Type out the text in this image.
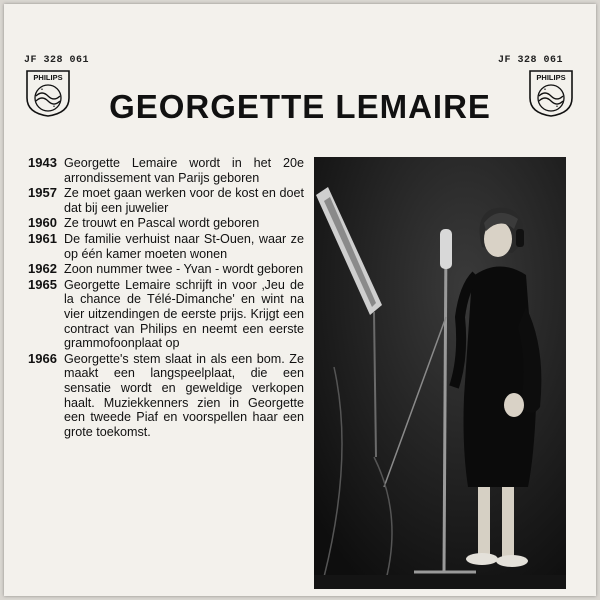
JF 328 061	JF 328 061
PHILIPS	PHILIPS
GEORGETTE LEMAIRE
1943 Georgette Lemaire wordt in het 20e arrondissement van Parijs geboren
1957 Ze moet gaan werken voor de kost en doet dat bij een juwelier
1960 Ze trouwt en Pascal wordt geboren
1961 De familie verhuist naar St-Ouen, waar ze op één kamer moeten wonen
1962 Zoon nummer twee - Yvan - wordt geboren
1965 Georgette Lemaire schrijft in voor ‚Jeu de la chance de Télé-Dimanche' en wint na vier uitzendingen de eerste prijs. Krijgt een contract van Philips en neemt een eerste grammofoonplaat op
1966 Georgette's stem slaat in als een bom. Ze maakt een langspeelplaat, die een sensatie wordt en geweldige verkopen haalt. Muziekkenners zien in Georgette een tweede Piaf en voorspellen haar een grote toekomst.
